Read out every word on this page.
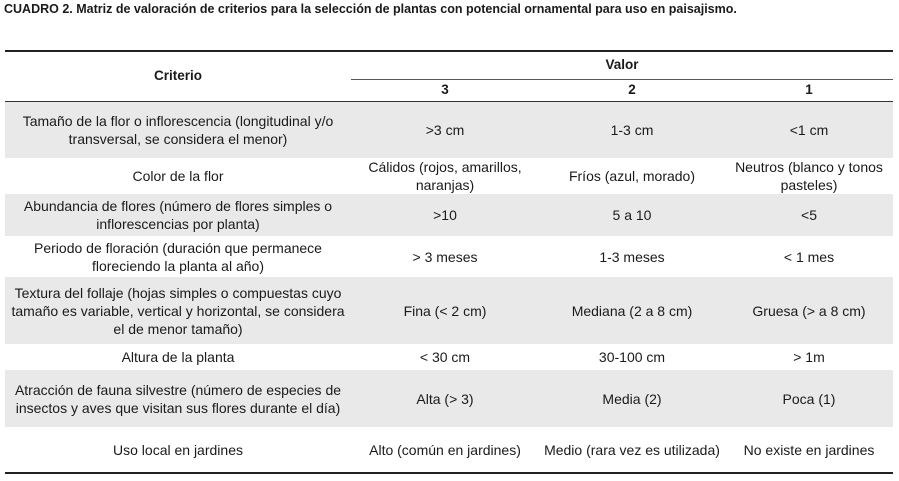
CUADRO 2. Matriz de valoración de criterios para la selección de plantas con potencial ornamental para uso en paisajismo.
Criterio	Valor		
	3	2	1
Tamaño de la flor o inflorescencia (longitudinal y/o transversal, se considera el menor)	>3 cm	1-3 cm	<1 cm
Color de la flor	Cálidos (rojos, amarillos, naranjas)	Fríos (azul, morado)	Neutros (blanco y tonos pasteles)
Abundancia de flores (número de flores simples o inflorescencias por planta)	>10	5 a 10	<5
Periodo de floración (duración que permanece floreciendo la planta al año)	> 3 meses	1-3 meses	< 1 mes
Textura del follaje (hojas simples o compuestas cuyo tamaño es variable, vertical y horizontal, se considera el de menor tamaño)	Fina (< 2 cm)	Mediana (2 a 8 cm)	Gruesa (> a 8 cm)
Altura de la planta	< 30 cm	30-100 cm	> 1m
Atracción de fauna silvestre (número de especies de insectos y aves que visitan sus flores durante el día)	Alta (> 3)	Media (2)	Poca (1)
Uso local en jardines	Alto (común en jardines)	Medio (rara vez es utilizada)	No existe en jardines
